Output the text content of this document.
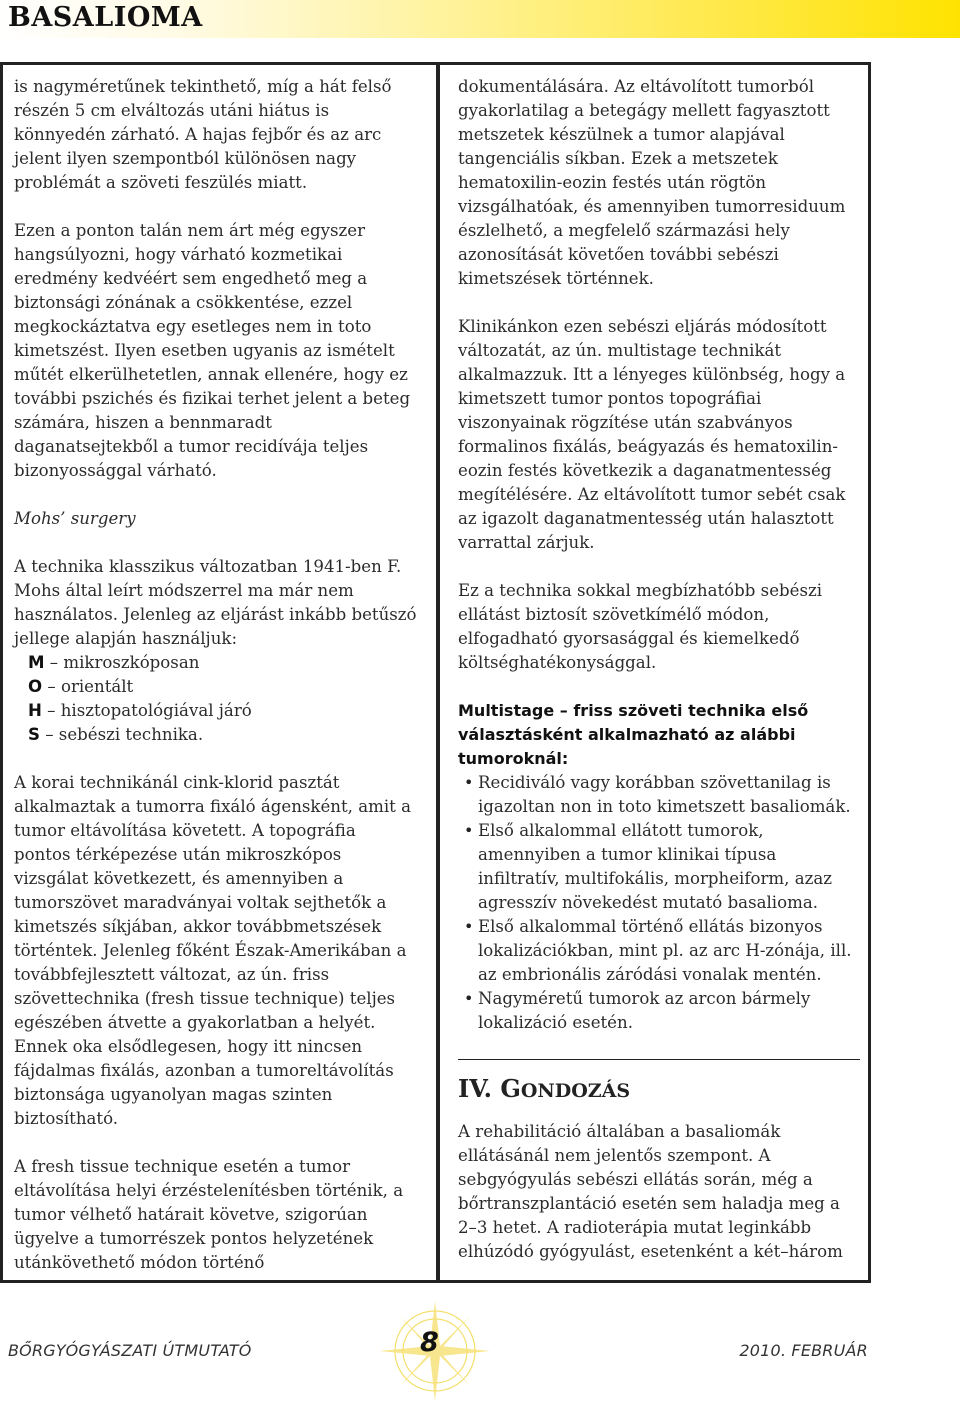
BASALIOMA
is nagyméretűnek tekinthető, míg a hát felső
részén 5 cm elváltozás utáni hiátus is
könnyedén zárható. A hajas fejbőr és az arc
jelent ilyen szempontból különösen nagy
problémát a szöveti feszülés miatt.
Ezen a ponton talán nem árt még egyszer
hangsúlyozni, hogy várható kozmetikai
eredmény kedvéért sem engedhető meg a
biztonsági zónának a csökkentése, ezzel
megkockáztatva egy esetleges nem in toto
kimetszést. Ilyen esetben ugyanis az ismételt
műtét elkerülhetetlen, annak ellenére, hogy ez
további pszichés és fizikai terhet jelent a beteg
számára, hiszen a bennmaradt
daganatsejtekből a tumor recidívája teljes
bizonyossággal várható.
Mohs’ surgery
A technika klasszikus változatban 1941-ben F.
Mohs által leírt módszerrel ma már nem
használatos. Jelenleg az eljárást inkább betűszó
jellege alapján használjuk:
M – mikroszkóposan
O – orientált
H – hisztopatológiával járó
S – sebészi technika.
A korai technikánál cink-klorid pasztát
alkalmaztak a tumorra fixáló ágensként, amit a
tumor eltávolítása követett. A topográfia
pontos térképezése után mikroszkópos
vizsgálat következett, és amennyiben a
tumorszövet maradványai voltak sejthetők a
kimetszés síkjában, akkor továbbmetszések
történtek. Jelenleg főként Észak-Amerikában a
továbbfejlesztett változat, az ún. friss
szövettechnika (fresh tissue technique) teljes
egészében átvette a gyakorlatban a helyét.
Ennek oka elsődlegesen, hogy itt nincsen
fájdalmas fixálás, azonban a tumoreltávolítás
biztonsága ugyanolyan magas szinten
biztosítható.
A fresh tissue technique esetén a tumor
eltávolítása helyi érzéstelenítésben történik, a
tumor vélhető határait követve, szigorúan
ügyelve a tumorrészek pontos helyzetének
utánkövethető módon történő
dokumentálására. Az eltávolított tumorból
gyakorlatilag a betegágy mellett fagyasztott
metszetek készülnek a tumor alapjával
tangenciális síkban. Ezek a metszetek
hematoxilin-eozin festés után rögtön
vizsgálhatóak, és amennyiben tumorresiduum
észlelhető, a megfelelő származási hely
azonosítását követően további sebészi
kimetszések történnek.
Klinikánkon ezen sebészi eljárás módosított
változatát, az ún. multistage technikát
alkalmazzuk. Itt a lényeges különbség, hogy a
kimetszett tumor pontos topográfiai
viszonyainak rögzítése után szabványos
formalinos fixálás, beágyazás és hematoxilin-
eozin festés következik a daganatmentesség
megítélésére. Az eltávolított tumor sebét csak
az igazolt daganatmentesség után halasztott
varrattal zárjuk.
Ez a technika sokkal megbízhatóbb sebészi
ellátást biztosít szövetkímélő módon,
elfogadható gyorsasággal és kiemelkedő
költséghatékonysággal.
Multistage – friss szöveti technika első
választásként alkalmazható az alábbi
tumoroknál:
• Recidiváló vagy korábban szövettanilag is
igazoltan non in toto kimetszett basaliomák.
• Első alkalommal ellátott tumorok,
amennyiben a tumor klinikai típusa
infiltratív, multifokális, morpheiform, azaz
agresszív növekedést mutató basalioma.
• Első alkalommal történő ellátás bizonyos
lokalizációkban, mint pl. az arc H-zónája, ill.
az embrionális záródási vonalak mentén.
• Nagyméretű tumorok az arcon bármely
lokalizáció esetén.
IV. GONDOZÁS
A rehabilitáció általában a basaliomák
ellátásánál nem jelentős szempont. A
sebgyógyulás sebészi ellátás során, még a
bőrtranszplantáció esetén sem haladja meg a
2–3 hetet. A radioterápia mutat leginkább
elhúzódó gyógyulást, esetenként a két–három
8
BŐRGYÓGYÁSZATI ÚTMUTATÓ	2010. FEBRUÁR
